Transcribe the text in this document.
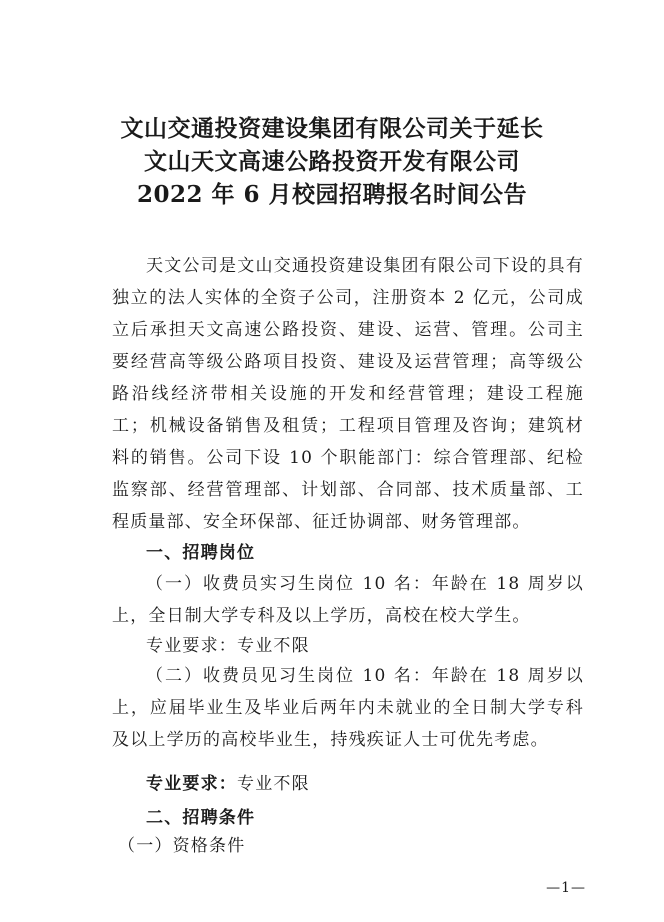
文山交通投资建设集团有限公司关于延长
文山天文高速公路投资开发有限公司
2022 年 6 月校园招聘报名时间公告

天文公司是文山交通投资建设集团有限公司下设的具有独立的法人实体的全资子公司，注册资本 2 亿元，公司成立后承担天文高速公路投资、建设、运营、管理。公司主要经营高等级公路项目投资、建设及运营管理；高等级公路沿线经济带相关设施的开发和经营管理；建设工程施工；机械设备销售及租赁；工程项目管理及咨询；建筑材料的销售。公司下设 10 个职能部门：综合管理部、纪检监察部、经营管理部、计划部、合同部、技术质量部、工程质量部、安全环保部、征迁协调部、财务管理部。

一、招聘岗位

（一）收费员实习生岗位 10 名：年龄在 18 周岁以上，全日制大学专科及以上学历，高校在校大学生。

专业要求：专业不限

（二）收费员见习生岗位 10 名：年龄在 18 周岁以上，应届毕业生及毕业后两年内未就业的全日制大学专科及以上学历的高校毕业生，持残疾证人士可优先考虑。

专业要求：专业不限

二、招聘条件

（一）资格条件

—1—
